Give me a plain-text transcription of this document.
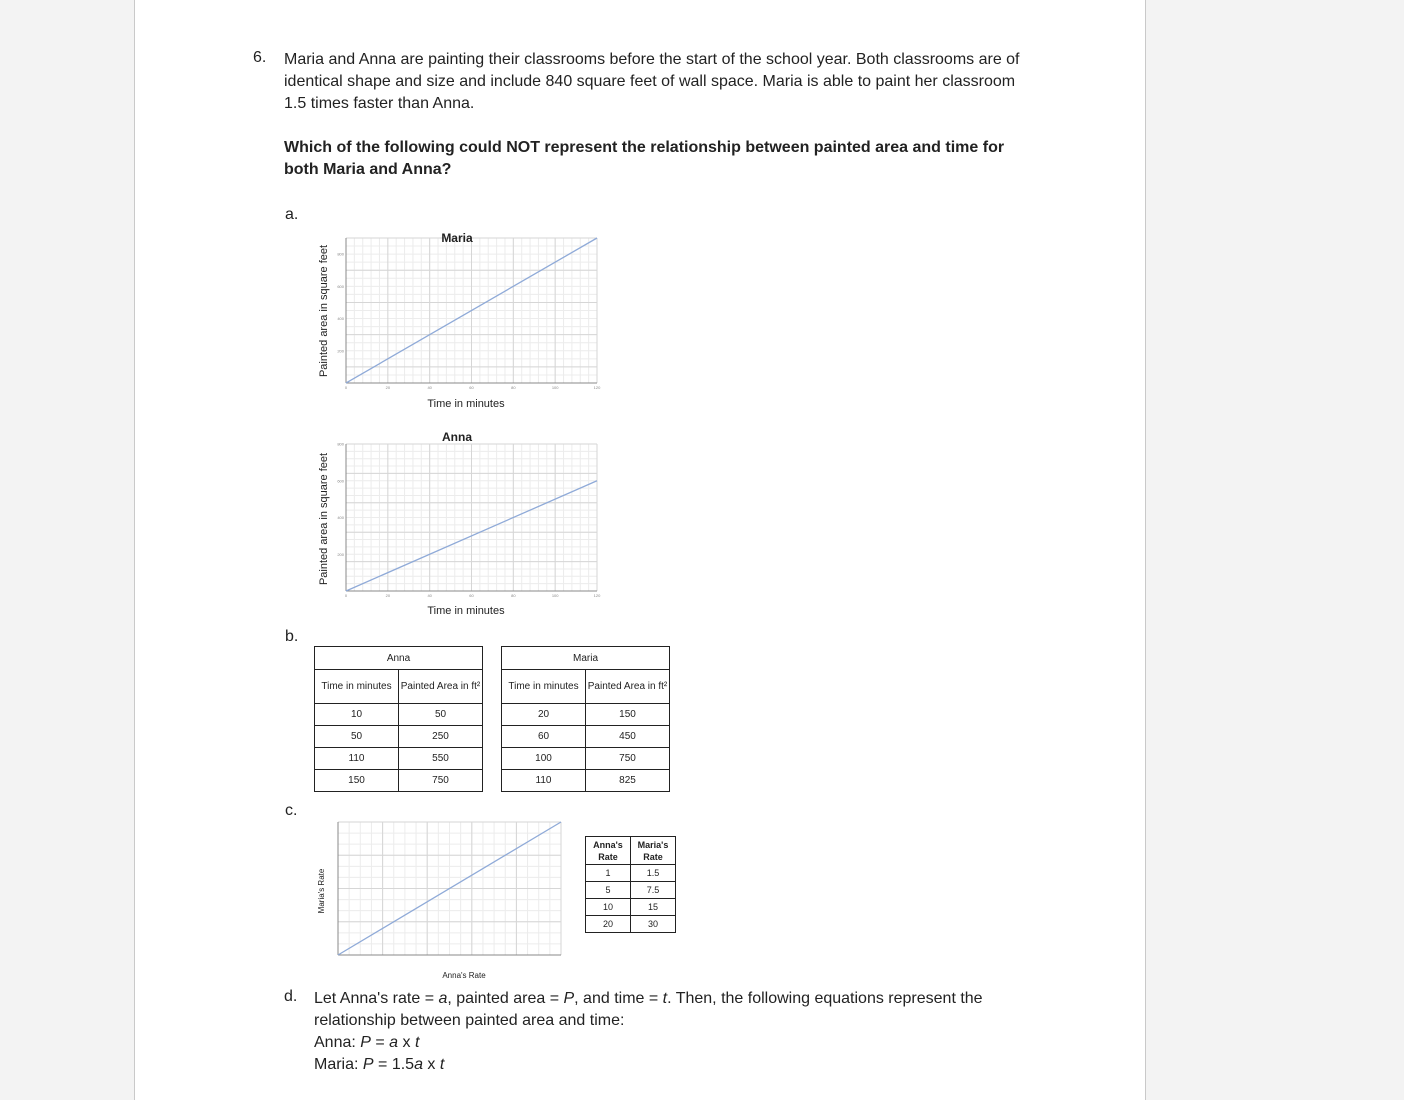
6. Maria and Anna are painting their classrooms before the start of the school year. Both classrooms are of identical shape and size and include 840 square feet of wall space. Maria is able to paint her classroom 1.5 times faster than Anna.
Which of the following could NOT represent the relationship between painted area and time for both Maria and Anna?
a.
0	20	40	60	80	100	120
200
400
600
800
Maria
Time in minutes
Painted area in square feet
0	20	40	60	80	100	120
200
400
600
800	Anna
Time in minutes
Painted area in square feet
b.
Anna	
Time in minutes	Painted Area in ft²
10	50
50	250
110	550
150	750
Maria	
Time in minutes	Painted Area in ft²
20	150
60	450
100	750
110	825
c.
Anna's Rate
Maria's Rate
Anna's Rate	Maria's Rate
1	1.5
5	7.5
10	15
20	30
d. Let Anna's rate = a, painted area = P, and time = t. Then, the following equations represent the relationship between painted area and time:
Anna: P = a x t
Maria: P = 1.5a x t
